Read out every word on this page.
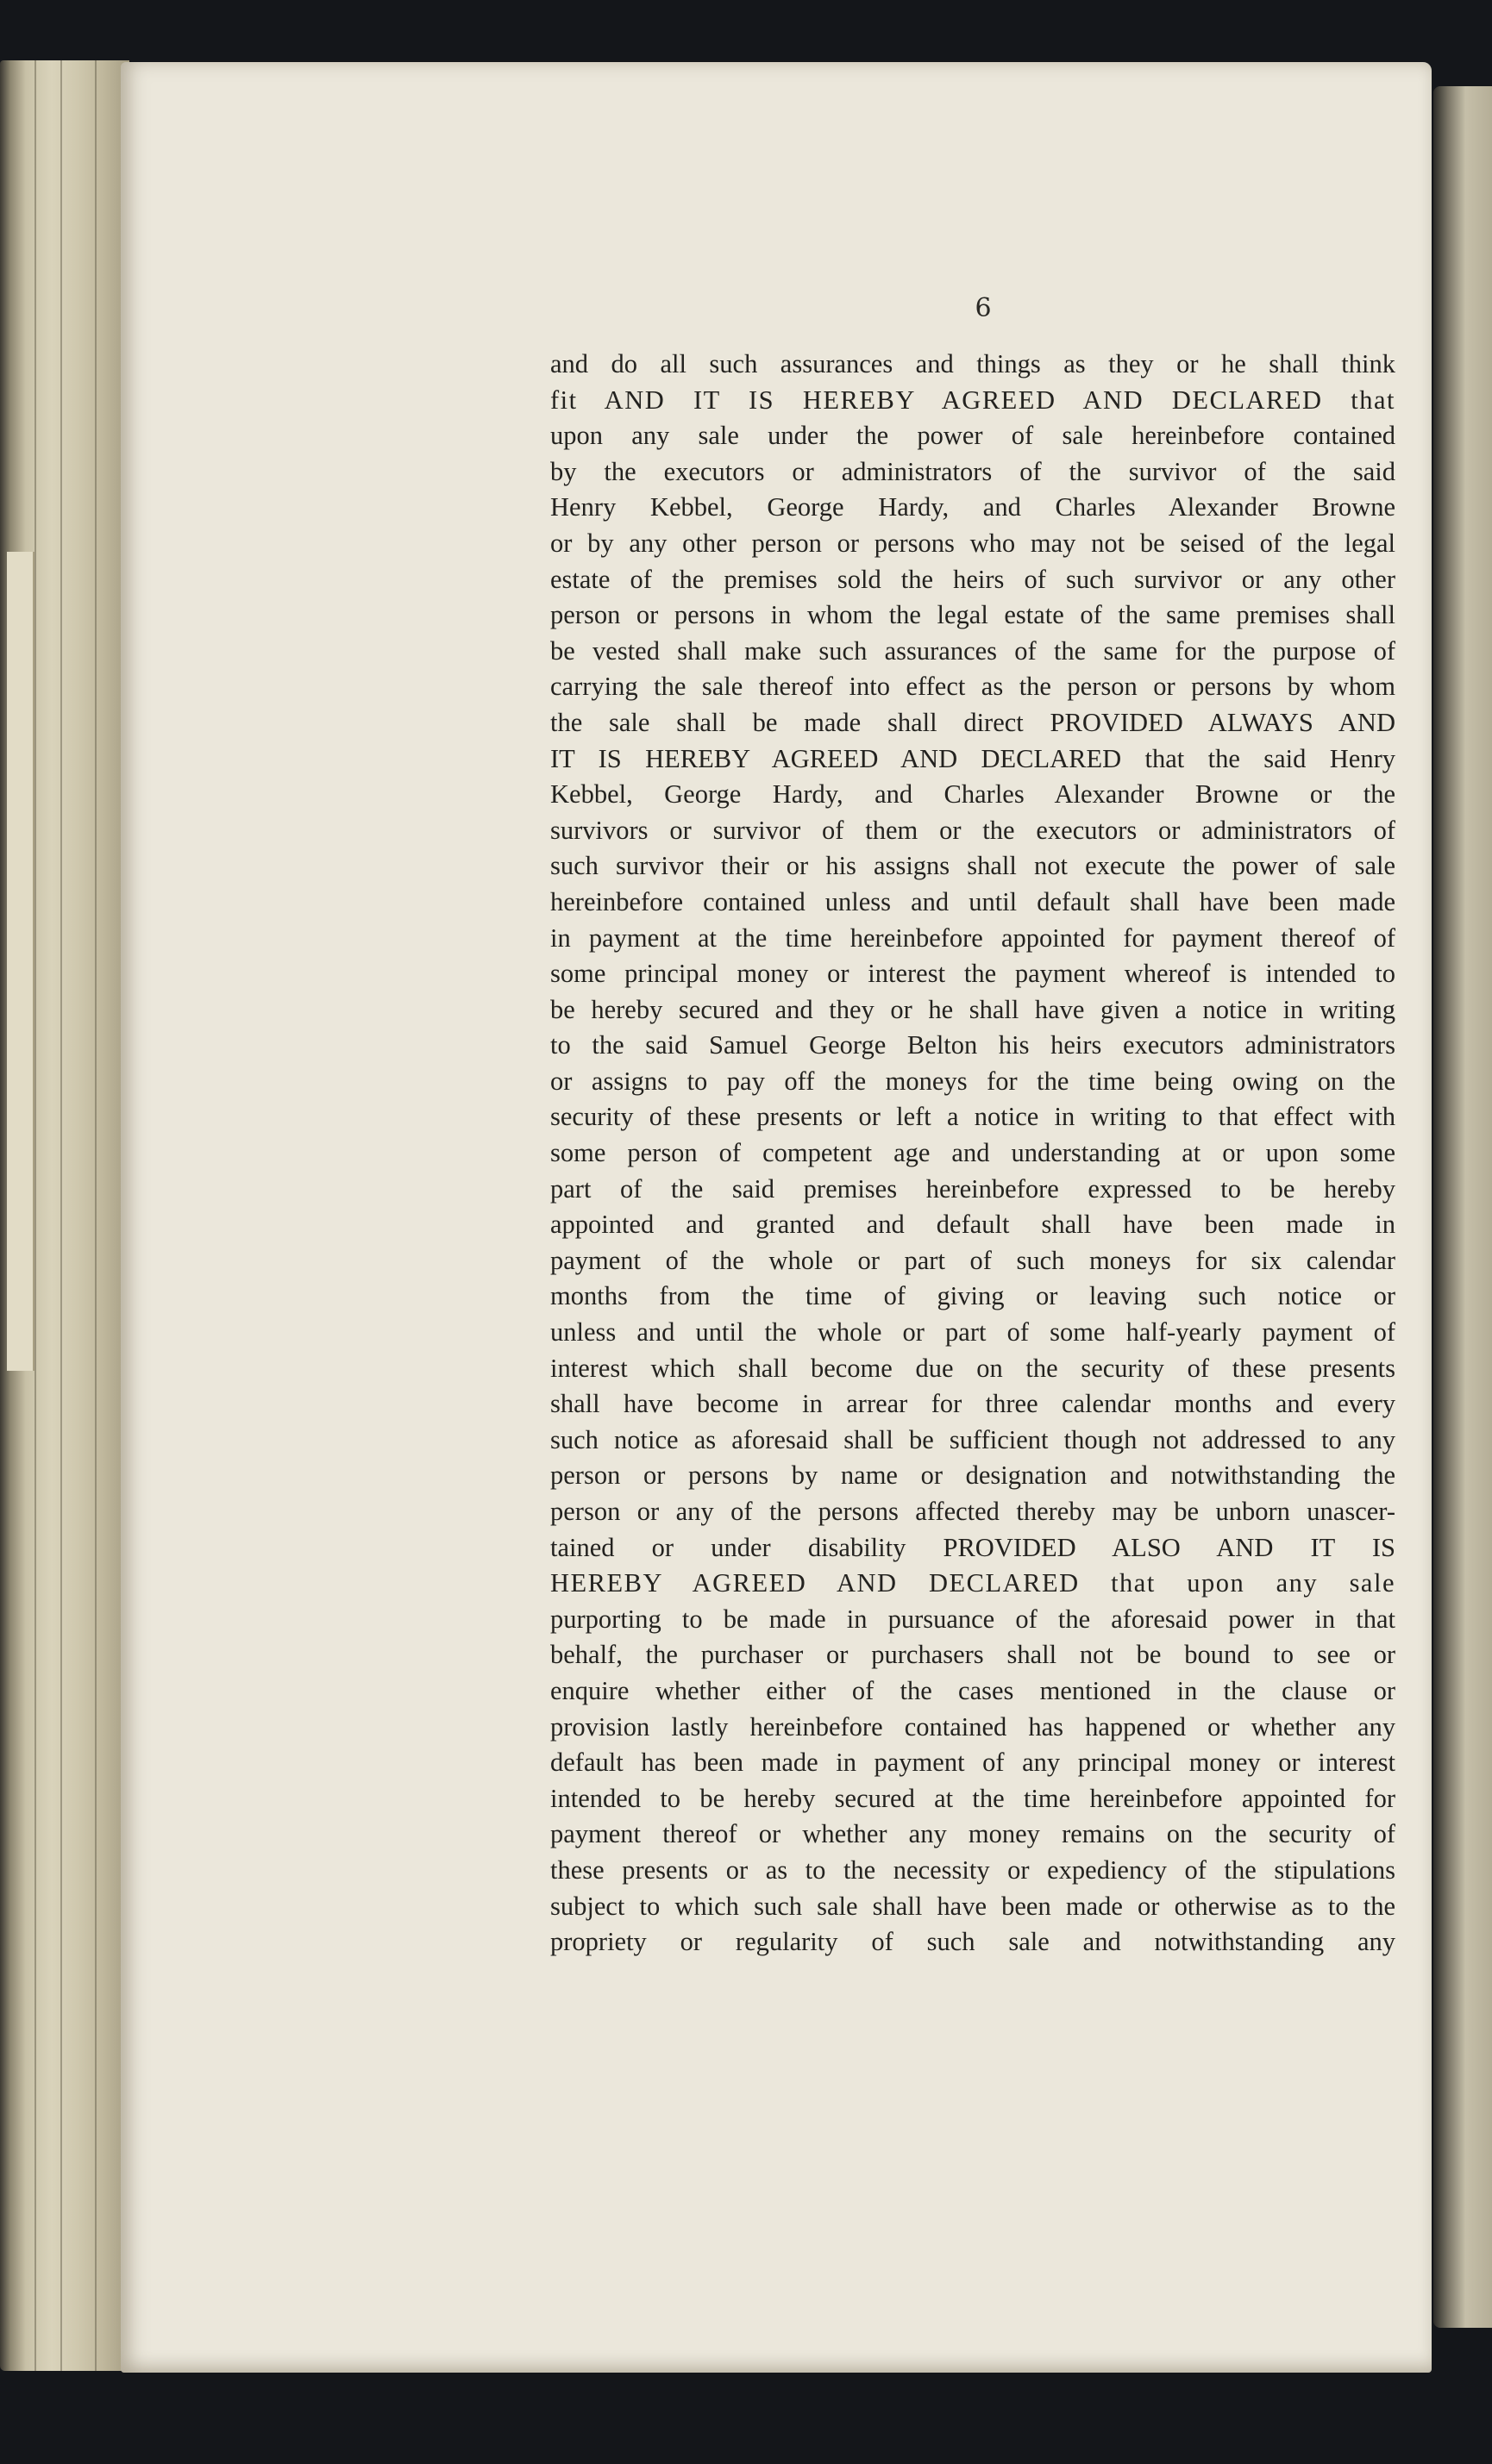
6
and do all such assurances and things as they or he shall think
fit AND IT IS HEREBY AGREED AND DECLARED that
upon any sale under the power of sale hereinbefore contained
by the executors or administrators of the survivor of the said
Henry Kebbel, George Hardy, and Charles Alexander Browne
or by any other person or persons who may not be seised of the legal
estate of the premises sold the heirs of such survivor or any other
person or persons in whom the legal estate of the same premises shall
be vested shall make such assurances of the same for the purpose of
carrying the sale thereof into effect as the person or persons by whom
the sale shall be made shall direct PROVIDED ALWAYS AND
IT IS HEREBY AGREED AND DECLARED that the said Henry
Kebbel, George Hardy, and Charles Alexander Browne or the
survivors or survivor of them or the executors or administrators of
such survivor their or his assigns shall not execute the power of sale
hereinbefore contained unless and until default shall have been made
in payment at the time hereinbefore appointed for payment thereof of
some principal money or interest the payment whereof is intended to
be hereby secured and they or he shall have given a notice in writing
to the said Samuel George Belton his heirs executors administrators
or assigns to pay off the moneys for the time being owing on the
security of these presents or left a notice in writing to that effect with
some person of competent age and understanding at or upon some
part of the said premises hereinbefore expressed to be hereby
appointed and granted and default shall have been made in
payment of the whole or part of such moneys for six calendar
months from the time of giving or leaving such notice or
unless and until the whole or part of some half-yearly payment of
interest which shall become due on the security of these presents
shall have become in arrear for three calendar months and every
such notice as aforesaid shall be sufficient though not addressed to any
person or persons by name or designation and notwithstanding the
person or any of the persons affected thereby may be unborn unascer-
tained or under disability PROVIDED ALSO AND IT IS
HEREBY AGREED AND DECLARED that upon any sale
purporting to be made in pursuance of the aforesaid power in that
behalf, the purchaser or purchasers shall not be bound to see or
enquire whether either of the cases mentioned in the clause or
provision lastly hereinbefore contained has happened or whether any
default has been made in payment of any principal money or interest
intended to be hereby secured at the time hereinbefore appointed for
payment thereof or whether any money remains on the security of
these presents or as to the necessity or expediency of the stipulations
subject to which such sale shall have been made or otherwise as to the
propriety or regularity of such sale and notwithstanding any
